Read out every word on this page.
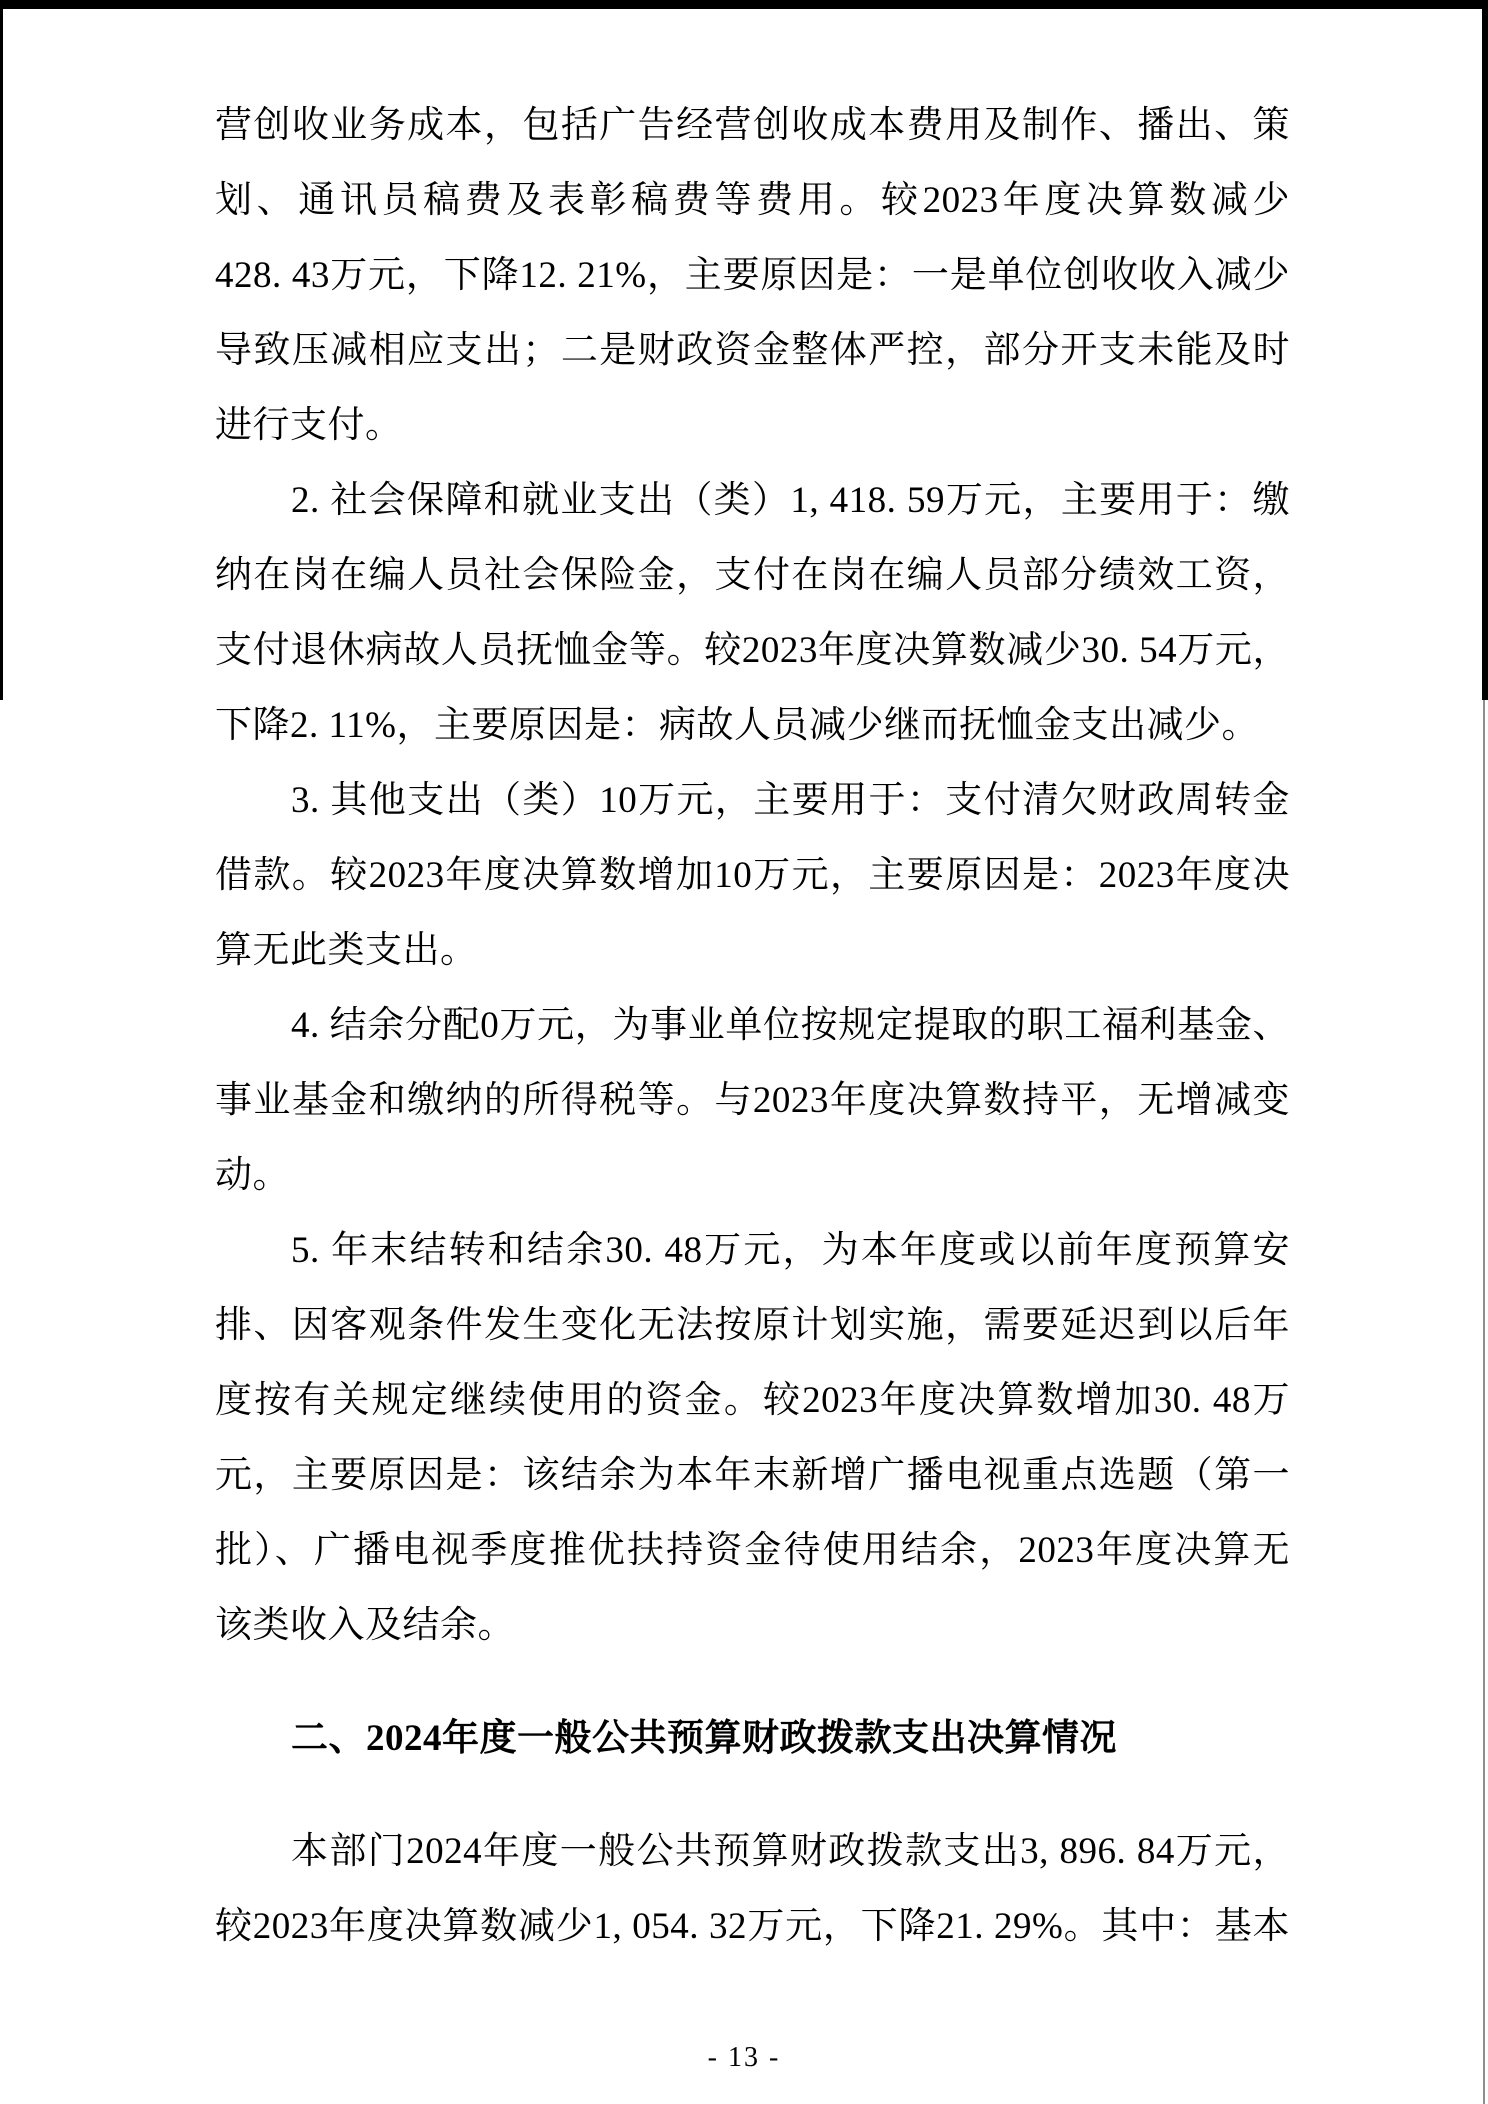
营创收业务成本，包括广告经营创收成本费用及制作、播出、策
划、通讯员稿费及表彰稿费等费用。较2023年度决算数减少
428. 43万元，下降12. 21%，主要原因是：一是单位创收收入减少
导致压减相应支出；二是财政资金整体严控，部分开支未能及时
进行支付。
2. 社会保障和就业支出（类）1, 418. 59万元，主要用于：缴
纳在岗在编人员社会保险金，支付在岗在编人员部分绩效工资，
支付退休病故人员抚恤金等。较2023年度决算数减少30. 54万元，
下降2. 11%，主要原因是：病故人员减少继而抚恤金支出减少。
3. 其他支出（类）10万元，主要用于：支付清欠财政周转金
借款。较2023年度决算数增加10万元，主要原因是：2023年度决
算无此类支出。
4. 结余分配0万元，为事业单位按规定提取的职工福利基金、
事业基金和缴纳的所得税等。与2023年度决算数持平，无增减变
动。
5. 年末结转和结余30. 48万元，为本年度或以前年度预算安
排、因客观条件发生变化无法按原计划实施，需要延迟到以后年
度按有关规定继续使用的资金。较2023年度决算数增加30. 48万
元，主要原因是：该结余为本年末新增广播电视重点选题（第一
批）、广播电视季度推优扶持资金待使用结余，2023年度决算无
该类收入及结余。
二、2024年度一般公共预算财政拨款支出决算情况
本部门2024年度一般公共预算财政拨款支出3, 896. 84万元，
较2023年度决算数减少1, 054. 32万元，下降21. 29%。其中：基本
- 13 -
